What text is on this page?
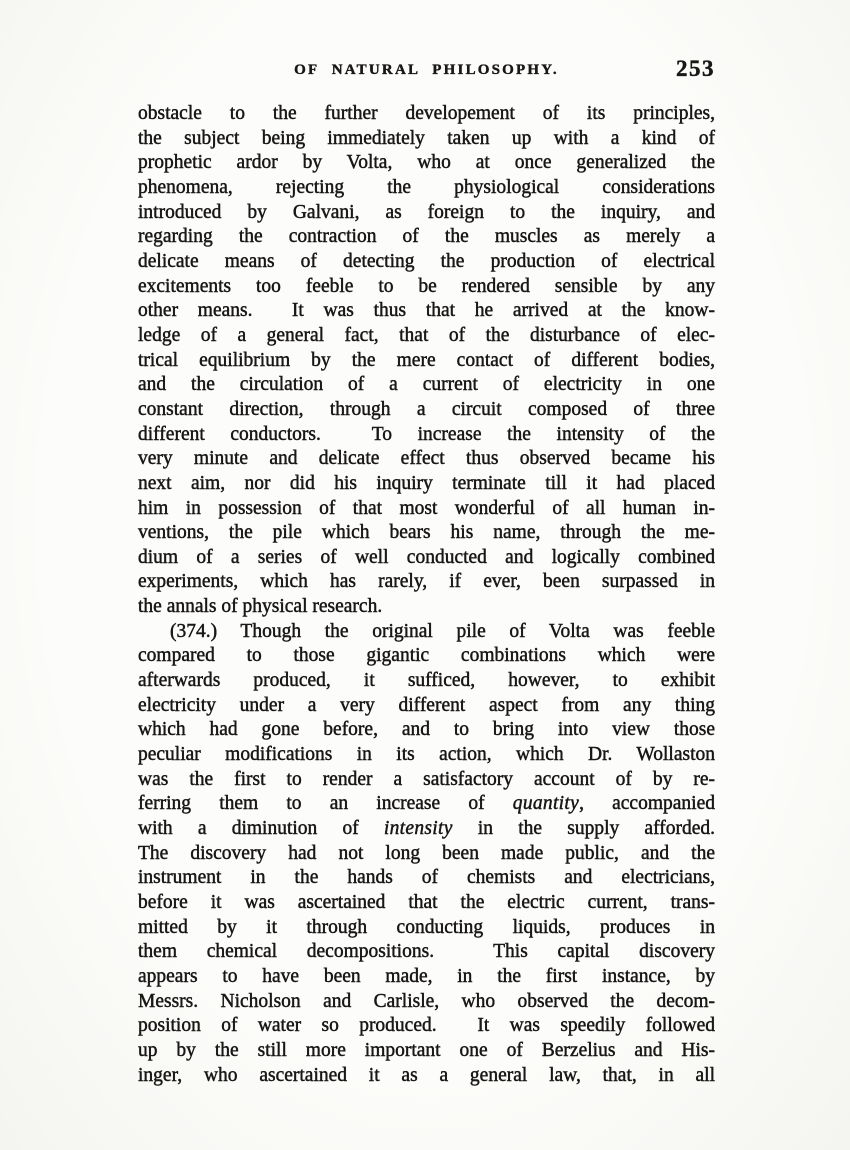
OF NATURAL PHILOSOPHY.	253
obstacle to the further developement of its principles,
the subject being immediately taken up with a kind of
prophetic ardor by Volta, who at once generalized the
phenomena, rejecting the physiological considerations
introduced by Galvani, as foreign to the inquiry, and
regarding the contraction of the muscles as merely a
delicate means of detecting the production of electrical
excitements too feeble to be rendered sensible by any
other means.  It was thus that he arrived at the know-
ledge of a general fact, that of the disturbance of elec-
trical equilibrium by the mere contact of different bodies,
and the circulation of a current of electricity in one
constant direction, through a circuit composed of three
different conductors.  To increase the intensity of the
very minute and delicate effect thus observed became his
next aim, nor did his inquiry terminate till it had placed
him in possession of that most wonderful of all human in-
ventions, the pile which bears his name, through the me-
dium of a series of well conducted and logically combined
experiments, which has rarely, if ever, been surpassed in
the annals of physical research.
(374.) Though the original pile of Volta was feeble
compared to those gigantic combinations which were
afterwards produced, it sufficed, however, to exhibit
electricity under a very different aspect from any thing
which had gone before, and to bring into view those
peculiar modifications in its action, which Dr. Wollaston
was the first to render a satisfactory account of by re-
ferring them to an increase of quantity, accompanied
with a diminution of intensity in the supply afforded.
The discovery had not long been made public, and the
instrument in the hands of chemists and electricians,
before it was ascertained that the electric current, trans-
mitted by it through conducting liquids, produces in
them chemical decompositions.  This capital discovery
appears to have been made, in the first instance, by
Messrs. Nicholson and Carlisle, who observed the decom-
position of water so produced.  It was speedily followed
up by the still more important one of Berzelius and His-
inger, who ascertained it as a general law, that, in all
